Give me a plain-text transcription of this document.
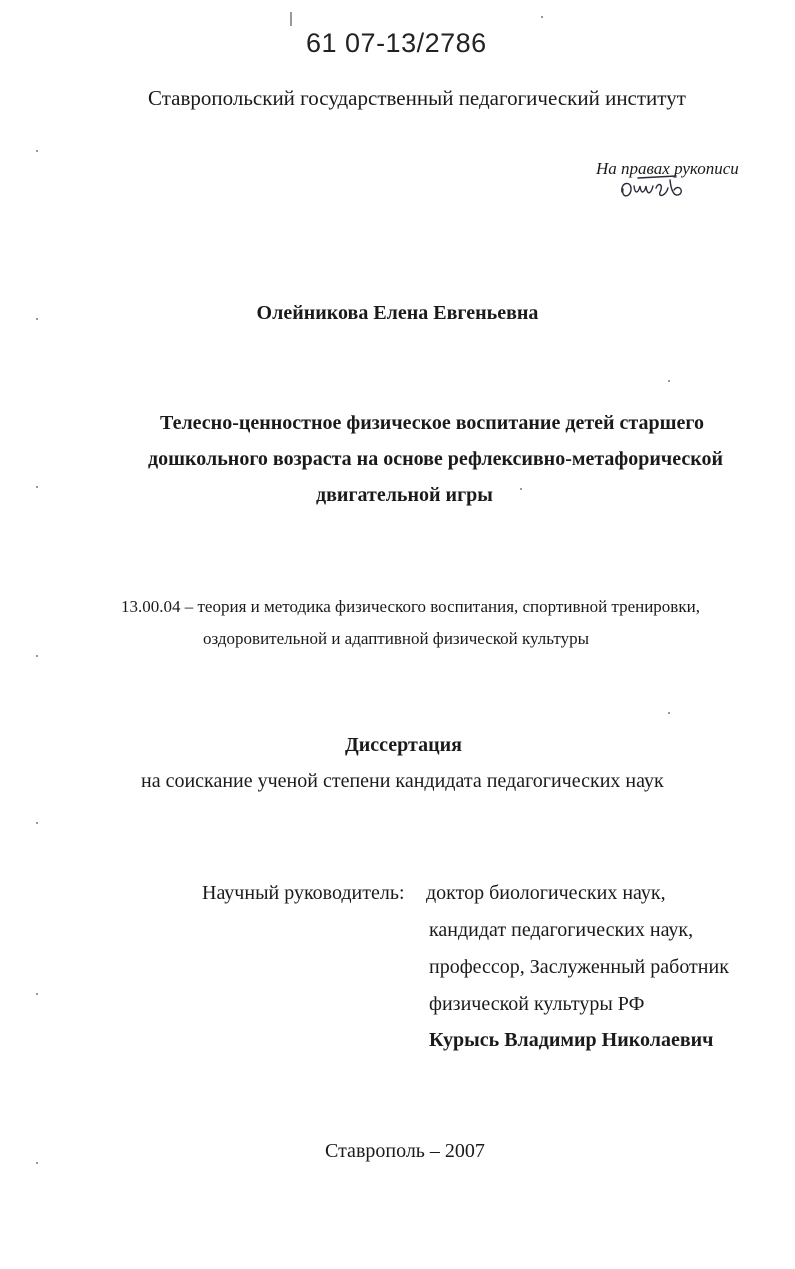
61 07-13/2786
Ставропольский государственный педагогический институт
На правах рукописи
Олейникова Елена Евгеньевна
Телесно-ценностное физическое воспитание детей старшего
дошкольного возраста на основе рефлексивно-метафорической
двигательной игры
13.00.04 – теория и методика физического воспитания, спортивной тренировки,
оздоровительной и адаптивной физической культуры
Диссертация
на соискание ученой степени кандидата педагогических наук
Научный руководитель: доктор биологических наук,
кандидат педагогических наук,
профессор, Заслуженный работник
физической культуры РФ
Курысь Владимир Николаевич
Ставрополь – 2007
